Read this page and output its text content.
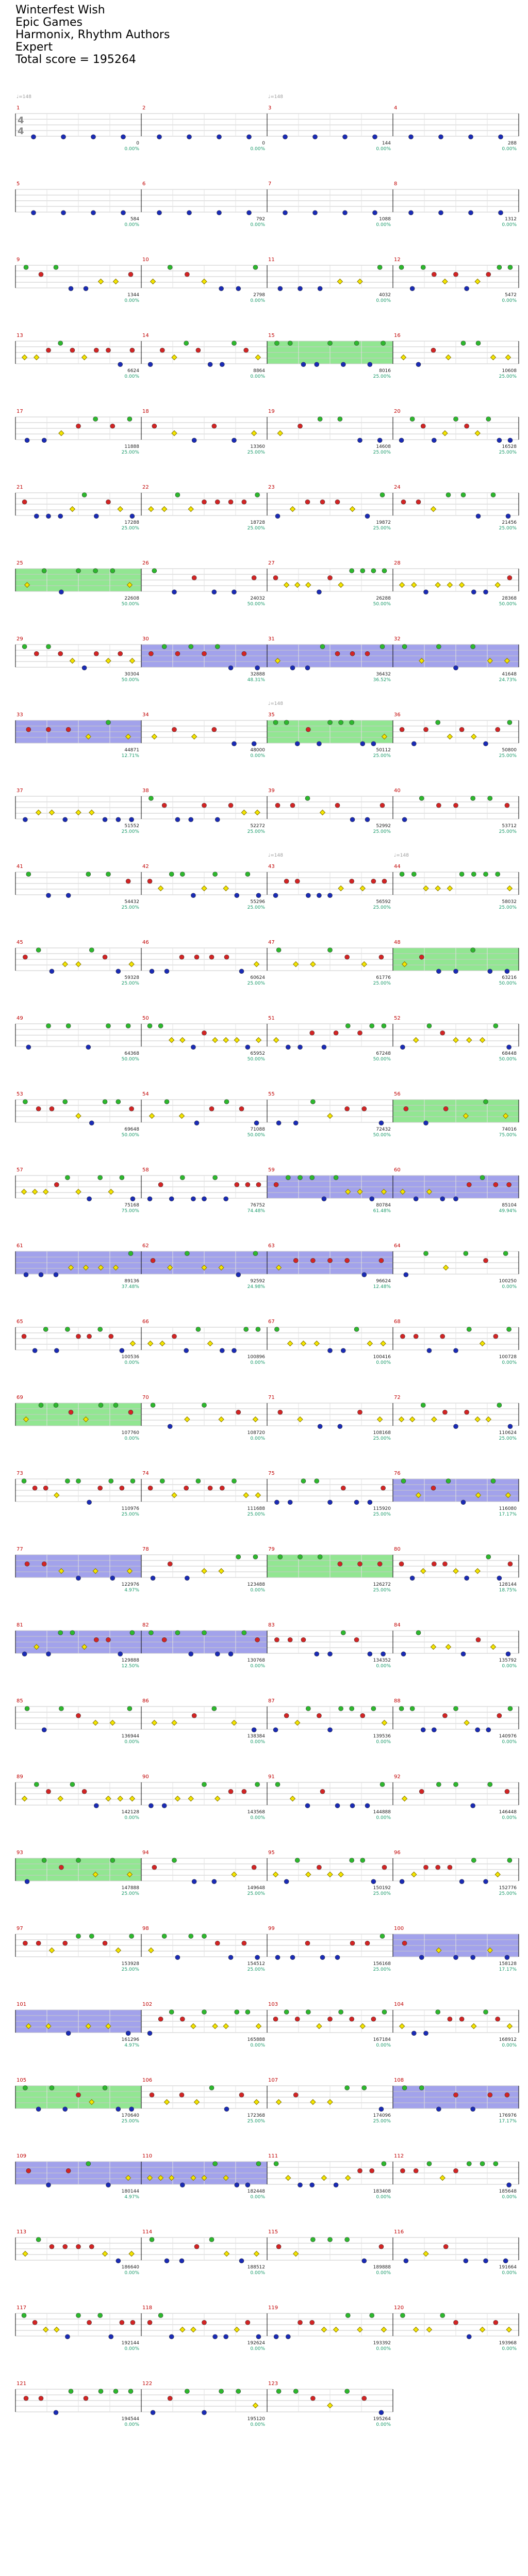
Winterfest Wish
Epic Games
Harmonix, Rhythm Authors
Expert
Total score = 195264
1
0
0.00%
2
0
0.00%
3
144
0.00%
4
288
0.00%
4
4
5
584
0.00%
6
792
0.00%
7
1088
0.00%
8
1312
0.00%
9
1344
0.00%
10
2798
0.00%
11
4032
0.00%
12
5472
0.00%
13
6624
0.00%
14
8864
0.00%
15
8016
25.00%
16
10608
25.00%
17
11888
25.00%
18
13360
25.00%
19
14608
25.00%
20
16528
25.00%
21
17288
25.00%
22
18728
25.00%
23
19872
25.00%
24
21456
25.00%
25
22608
50.00%
26
24032
50.00%
27
26288
50.00%
28
28368
50.00%
29
30304
50.00%
30
32888
48.31%
31
36432
36.52%
32
41648
24.73%
33
44871
12.71%
34
48000
0.00%
35
50112
25.00%
36
50800
25.00%
37
51552
25.00%
38
52272
25.00%
39
52992
25.00%
40
53712
25.00%
41
54432
25.00%
42
55296
25.00%
43
56592
25.00%
44
58032
25.00%
45
59328
25.00%
46
60624
25.00%
47
61776
25.00%
48
63216
50.00%
49
64368
50.00%
50
65952
50.00%
51
67248
50.00%
52
68448
50.00%
53
69648
50.00%
54
71088
50.00%
55
72432
50.00%
56
74016
75.00%
57
75168
75.00%
58
76752
74.48%
59
80784
61.48%
60
85104
49.94%
61
89136
37.48%
62
92592
24.98%
63
96624
12.48%
64
100250
0.00%
65
100536
0.00%
66
100896
0.00%
67
100416
0.00%
68
100728
0.00%
69
107760
0.00%
70
108720
0.00%
71
108168
25.00%
72
110624
25.00%
73
110976
25.00%
74
111688
25.00%
75
115920
25.00%
76
116080
17.17%
77
122976
4.97%
78
123488
0.00%
79
126272
25.00%
80
128144
18.75%
81
129888
12.50%
82
130768
0.00%
83
134352
0.00%
84
135792
0.00%
85
136944
0.00%
86
138384
0.00%
87
139536
0.00%
88
140976
0.00%
89
142128
0.00%
90
143568
0.00%
91
144888
0.00%
92
146448
0.00%
93
147888
25.00%
94
149648
25.00%
95
150192
25.00%
96
152776
25.00%
97
153928
25.00%
98
154512
25.00%
99
156168
25.00%
100
158128
17.17%
101
161296
4.97%
102
165888
0.00%
103
167184
0.00%
104
168912
0.00%
105
170640
25.00%
106
172368
25.00%
107
174096
25.00%
108
176976
17.17%
109
180144
4.97%
110
182448
0.00%
111
183408
0.00%
112
185648
0.00%
113
186640
0.00%
114
188512
0.00%
115
189888
0.00%
116
191664
0.00%
117
192144
0.00%
118
192624
0.00%
119
193392
0.00%
120
193968
0.00%
121
194544
0.00%
122
195120
0.00%
123
195264
0.00%
♩=148	♩=148
♩=148	♩=148
♩=148
